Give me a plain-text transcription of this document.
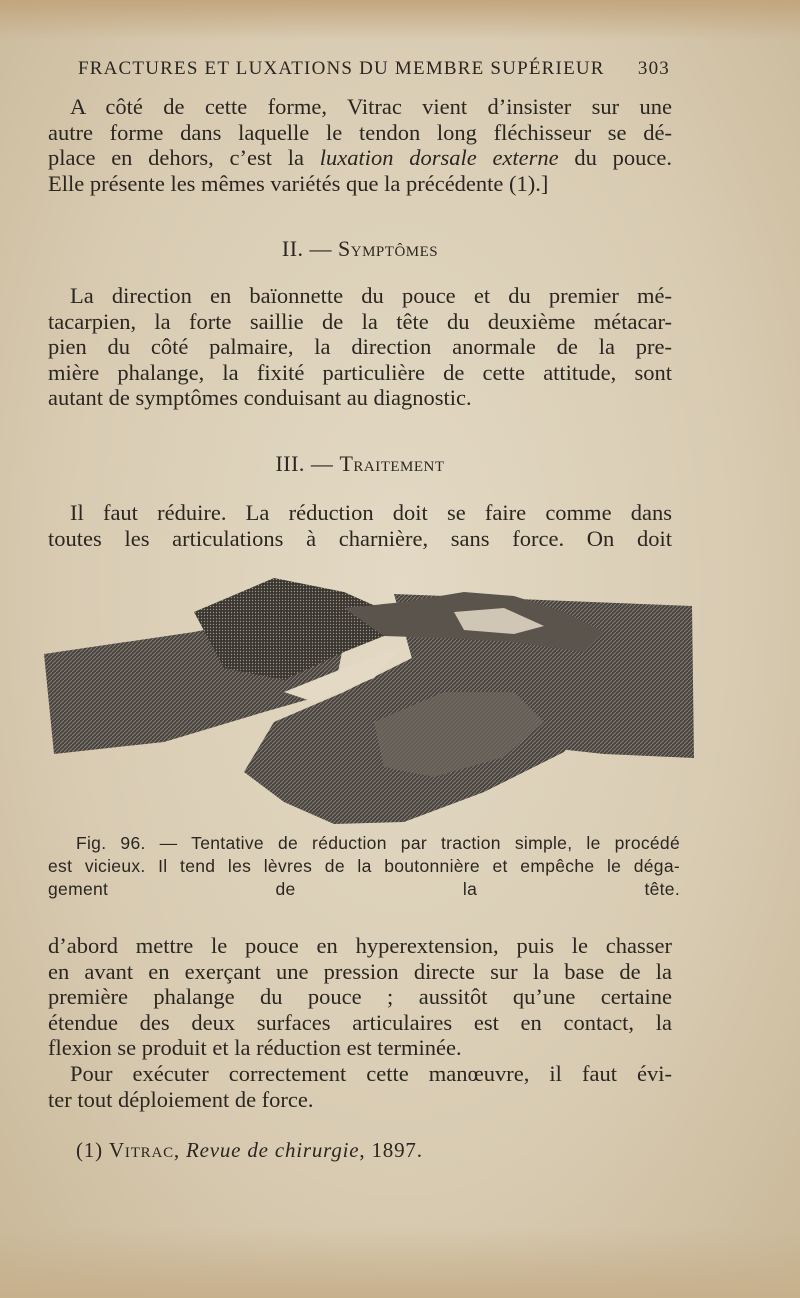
FRACTURES ET LUXATIONS DU MEMBRE SUPÉRIEUR 303
A côté de cette forme, Vitrac vient d’insister sur une
autre forme dans laquelle le tendon long fléchisseur se dé-
place en dehors, c’est la luxation dorsale externe du pouce.
Elle présente les mêmes variétés que la précédente (1).]
II. — Symptômes
La direction en baïonnette du pouce et du premier mé-
tacarpien, la forte saillie de la tête du deuxième métacar-
pien du côté palmaire, la direction anormale de la pre-
mière phalange, la fixité particulière de cette attitude, sont
autant de symptômes conduisant au diagnostic.
III. — Traitement
Il faut réduire. La réduction doit se faire comme dans
toutes les articulations à charnière, sans force. On doit
Fig. 96. — Tentative de réduction par traction simple, le procédé
est vicieux. Il tend les lèvres de la boutonnière et empêche le déga-
gement de la tête.
d’abord mettre le pouce en hyperextension, puis le chasser
en avant en exerçant une pression directe sur la base de la
première phalange du pouce ; aussitôt qu’une certaine
étendue des deux surfaces articulaires est en contact, la
flexion se produit et la réduction est terminée.
Pour exécuter correctement cette manœuvre, il faut évi-
ter tout déploiement de force.
(1) Vitrac, Revue de chirurgie, 1897.
